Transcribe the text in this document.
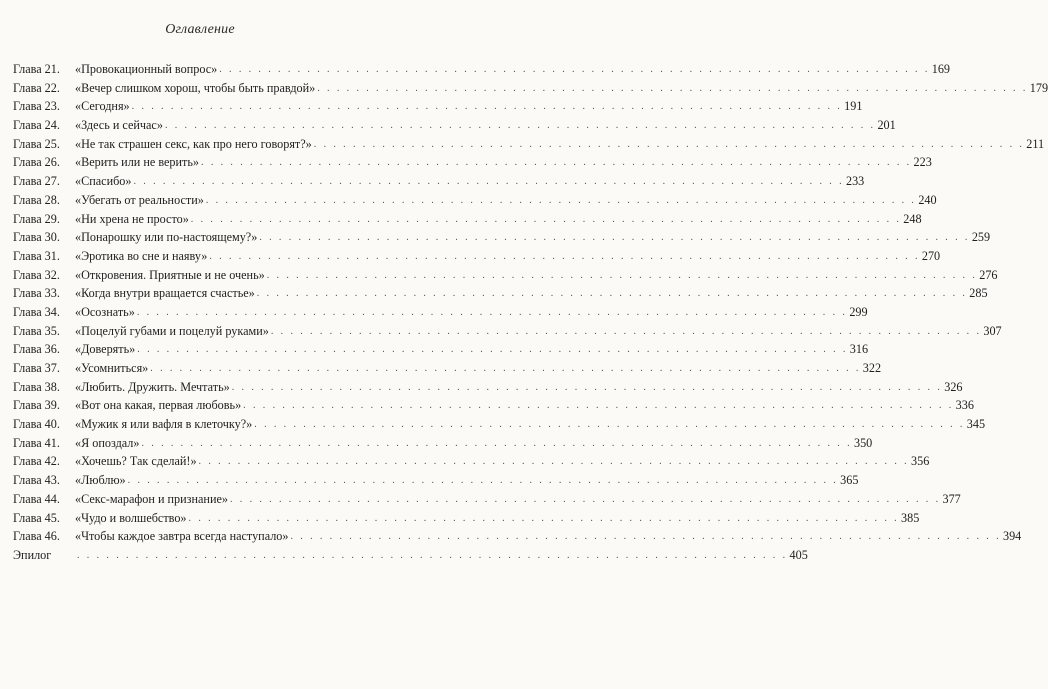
Оглавление
Глава 21.	«Провокационный вопрос» . . .	169
Глава 22.	«Вечер слишком хорош, чтобы быть правдой» . . .	179
Глава 23.	«Сегодня» . . .	191
Глава 24.	«Здесь и сейчас» . . .	201
Глава 25.	«Не так страшен секс, как про него говорят?» . . .	211
Глава 26.	«Верить или не верить» . . .	223
Глава 27.	«Спасибо» . . .	233
Глава 28.	«Убегать от реальности» . . .	240
Глава 29.	«Ни хрена не просто» . . .	248
Глава 30.	«Понарошку или по-настоящему?» . . .	259
Глава 31.	«Эротика во сне и наяву» . . .	270
Глава 32.	«Откровения. Приятные и не очень» . . .	276
Глава 33.	«Когда внутри вращается счастье» . . .	285
Глава 34.	«Осознать» . . .	299
Глава 35.	«Поцелуй губами и поцелуй руками» . . .	307
Глава 36.	«Доверять» . . .	316
Глава 37.	«Усомниться» . . .	322
Глава 38.	«Любить. Дружить. Мечтать» . . .	326
Глава 39.	«Вот она какая, первая любовь» . . .	336
Глава 40.	«Мужик я или вафля в клеточку?» . . .	345
Глава 41.	«Я опоздал» . . .	350
Глава 42.	«Хочешь? Так сделай!» . . .	356
Глава 43.	«Люблю» . . .	365
Глава 44.	«Секс-марафон и признание» . . .	377
Глава 45.	«Чудо и волшебство» . . .	385
Глава 46.	«Чтобы каждое завтра всегда наступало» . . .	394
Эпилог . . .	405
